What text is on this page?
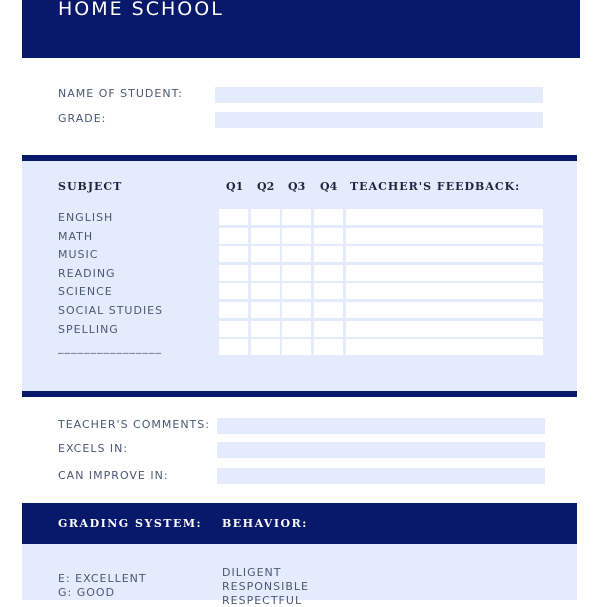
HOME SCHOOL
NAME OF STUDENT:
GRADE:
SUBJECT	Q1 Q2 Q3 Q4 TEACHER'S FEEDBACK:
ENGLISH
MATH
MUSIC
READING
SCIENCE
SOCIAL STUDIES
SPELLING
________________
TEACHER'S COMMENTS:
EXCELS IN:
CAN IMPROVE IN:
GRADING SYSTEM: BEHAVIOR:
E: EXCELLENT
G: GOOD
DILIGENT
RESPONSIBLE
RESPECTFUL
